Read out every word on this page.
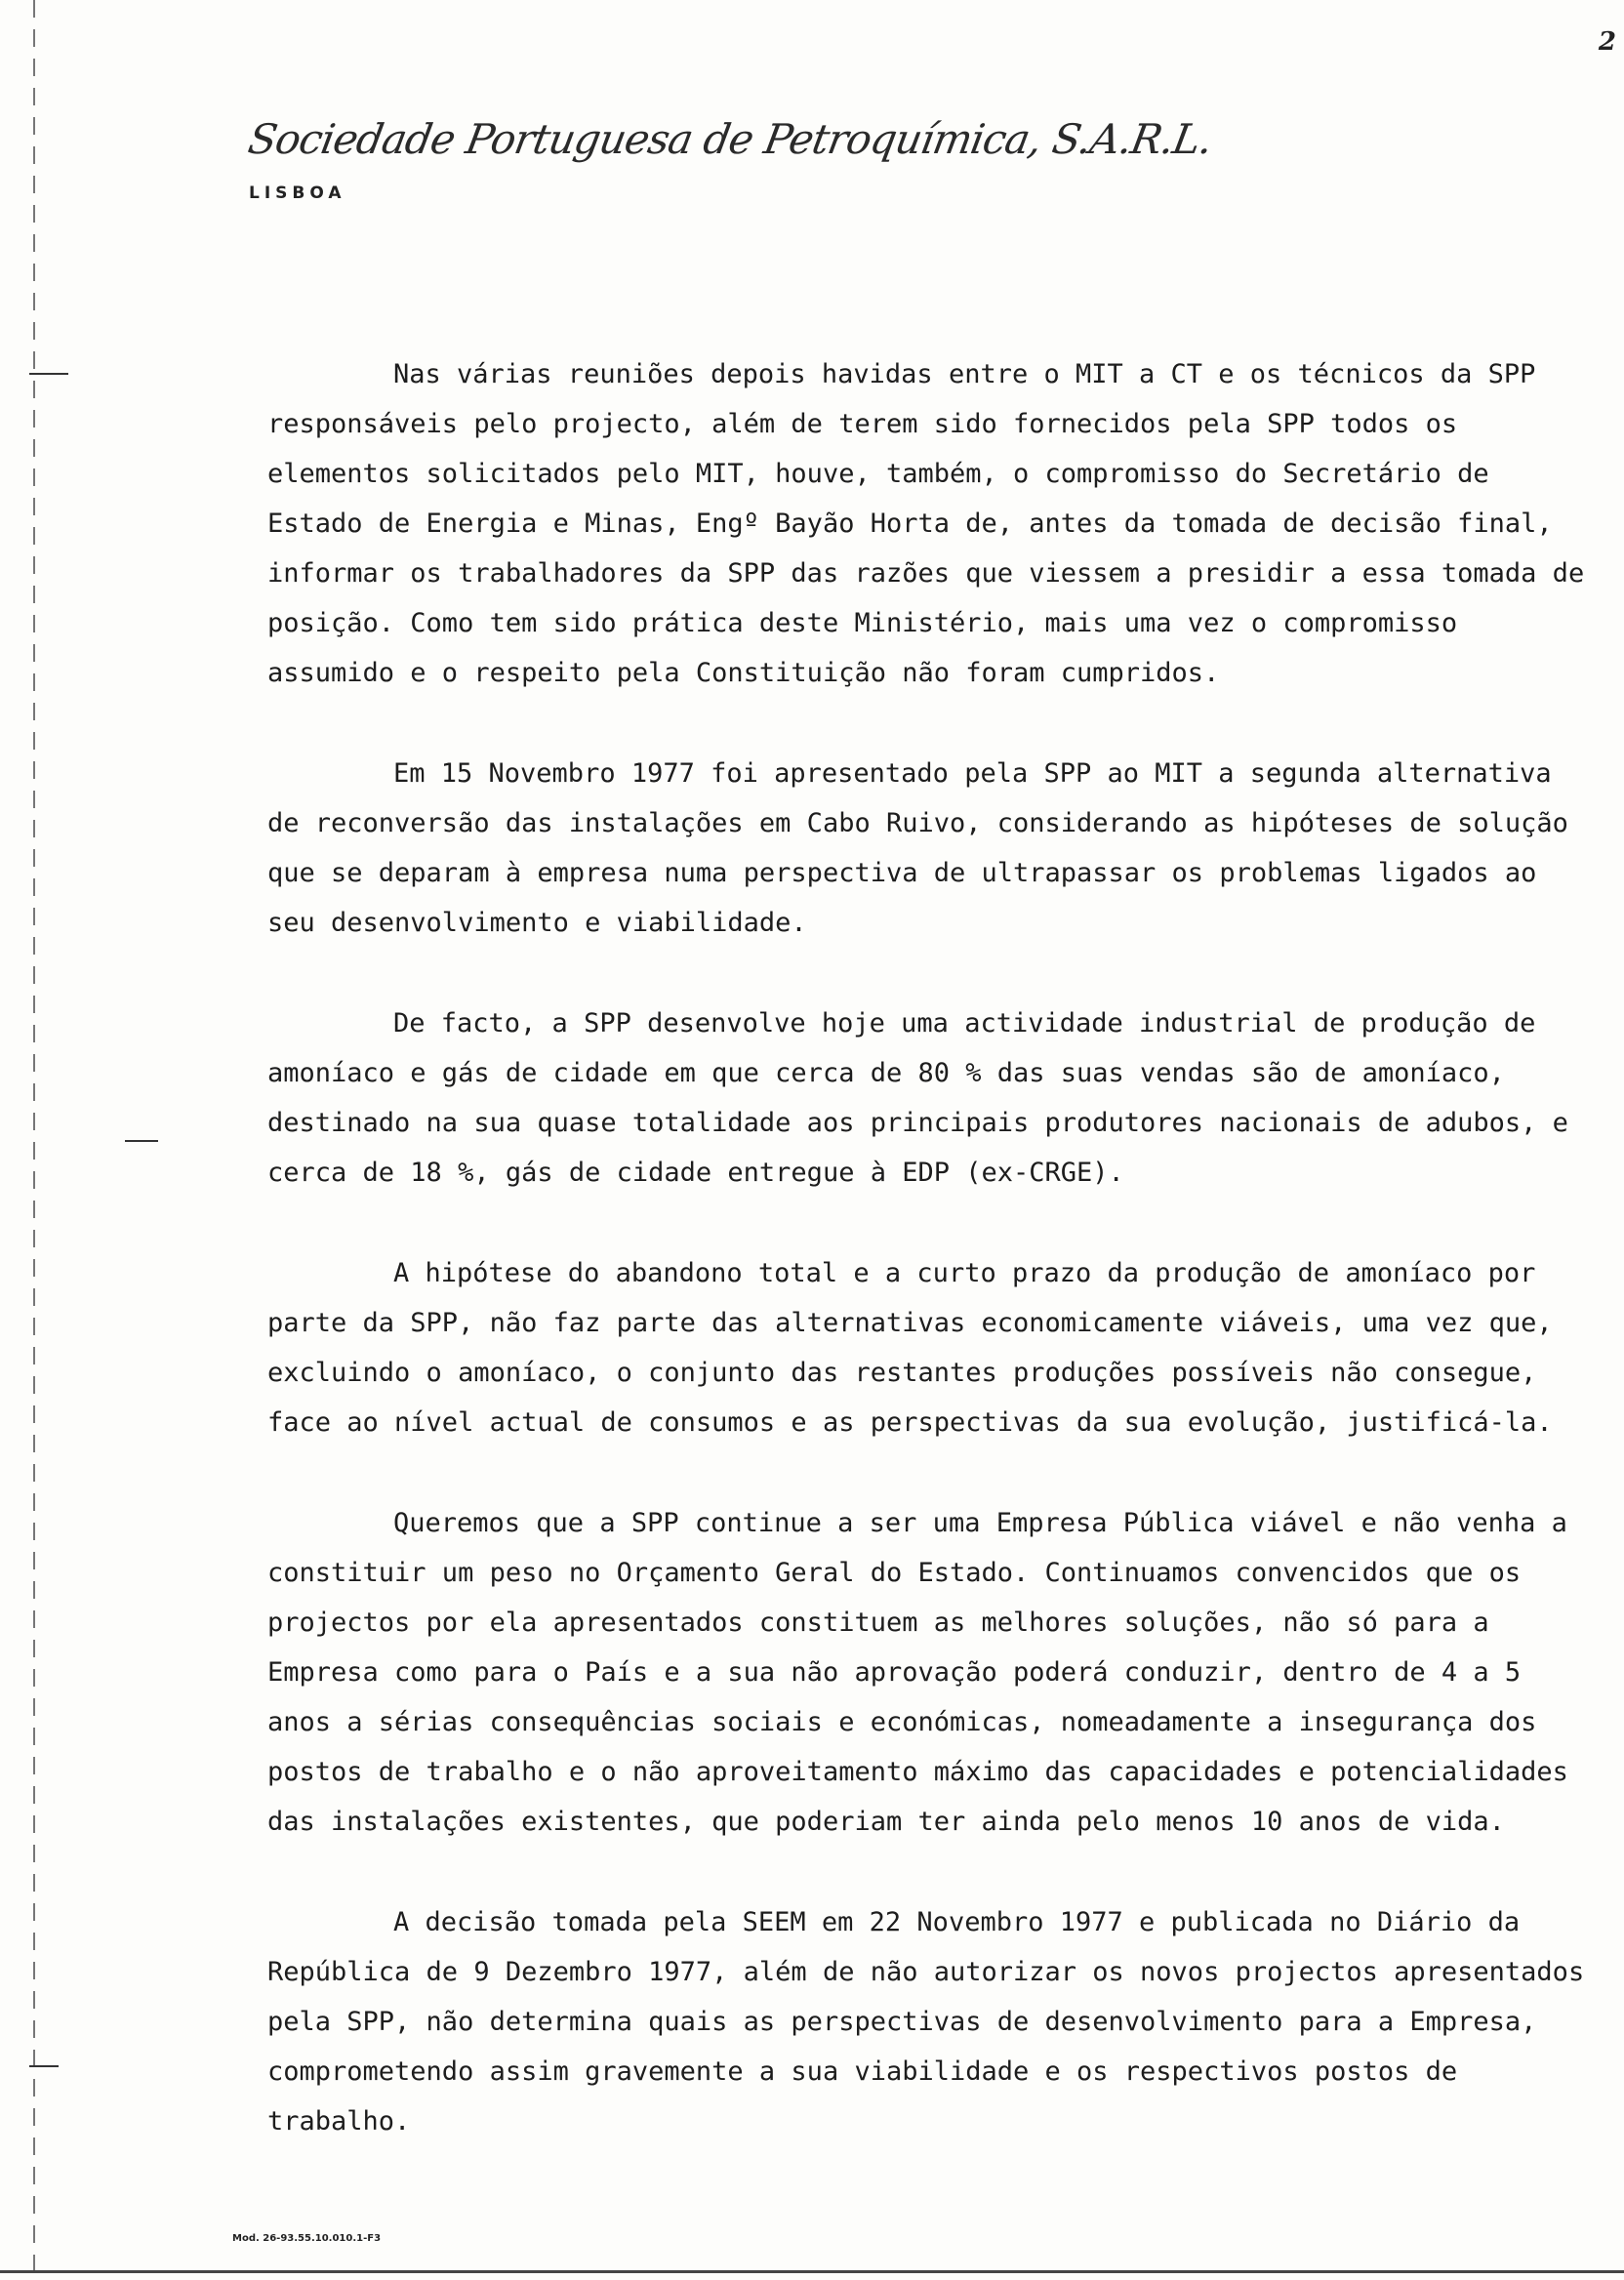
2
Sociedade Portuguesa de Petroquímica, S.A.R.L.
LISBOA

Nas várias reuniões depois havidas entre o MIT a CT e os técnicos da SPP responsáveis pelo projecto, além de terem sido fornecidos pela SPP todos os elementos solicitados pelo MIT, houve, também, o compromisso do Secretário de Estado de Energia e Minas, Engº Bayão Horta de, antes da tomada de decisão final, informar os trabalhadores da SPP das razões que viessem a presidir a essa tomada de posição. Como tem sido prática deste Ministério, mais uma vez o compromisso assumido e o respeito pela Constituição não foram cumpridos.

Em 15 Novembro 1977 foi apresentado pela SPP ao MIT a segunda alternativa de reconversão das instalações em Cabo Ruivo, considerando as hipóteses de solução que se deparam à empresa numa perspectiva de ultrapassar os problemas ligados ao seu desenvolvimento e viabilidade.

De facto, a SPP desenvolve hoje uma actividade industrial de produção de amoníaco e gás de cidade em que cerca de 80 % das suas vendas são de amoníaco, destinado na sua quase totalidade aos principais produtores nacionais de adubos, e cerca de 18 %, gás de cidade entregue à EDP (ex-CRGE).

A hipótese do abandono total e a curto prazo da produção de amoníaco por parte da SPP, não faz parte das alternativas economicamente viáveis, uma vez que, excluindo o amoníaco, o conjunto das restantes produções possíveis não consegue, face ao nível actual de consumos e as perspectivas da sua evolução, justificá-la.

Queremos que a SPP continue a ser uma Empresa Pública viável e não venha a constituir um peso no Orçamento Geral do Estado. Continuamos convencidos que os projectos por ela apresentados constituem as melhores soluções, não só para a Empresa como para o País e a sua não aprovação poderá conduzir, dentro de 4 a 5 anos a sérias consequências sociais e económicas, nomeadamente a insegurança dos postos de trabalho e o não aproveitamento máximo das capacidades e potencialidades das instalações existentes, que poderiam ter ainda pelo menos 10 anos de vida.

A decisão tomada pela SEEM em 22 Novembro 1977 e publicada no Diário da República de 9 Dezembro 1977, além de não autorizar os novos projectos apresentados pela SPP, não determina quais as perspectivas de desenvolvimento para a Empresa, comprometendo assim gravemente a sua viabilidade e os respectivos postos de trabalho.

Mod. 26-93.55.10.010.1-F3
